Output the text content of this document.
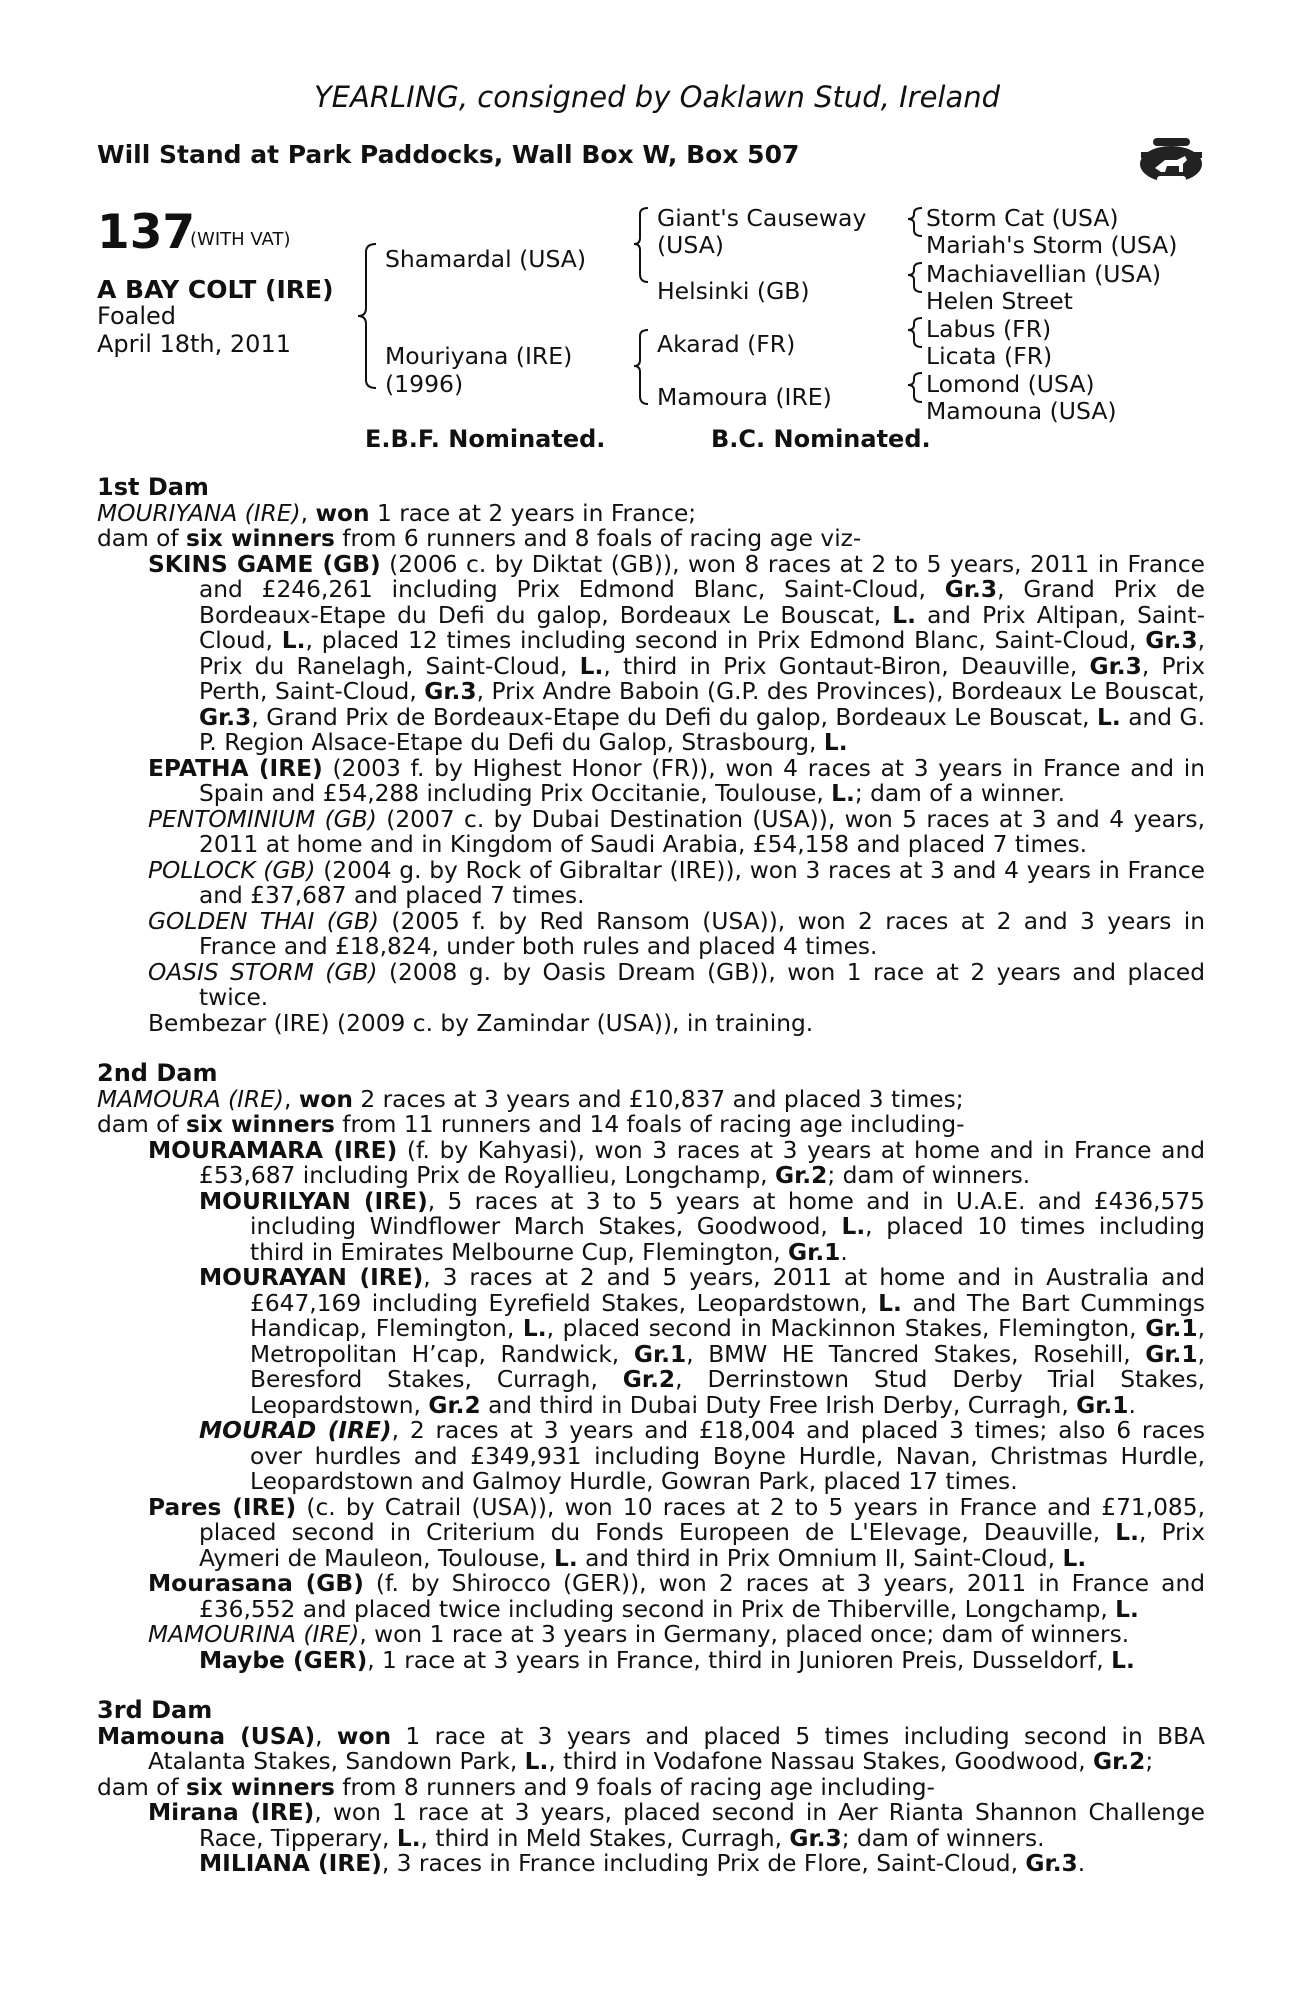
YEARLING, consigned by Oaklawn Stud, Ireland
Will Stand at Park Paddocks, Wall Box W, Box 507
137
(WITH VAT)
A BAY COLT (IRE)
Foaled
April 18th, 2011
Shamardal (USA)
Mouriyana (IRE)
(1996)
Giant's Causeway
(USA)
Helsinki (GB)
Akarad (FR)
Mamoura (IRE)
Storm Cat (USA)
Mariah's Storm (USA)
Machiavellian (USA)
Helen Street
Labus (FR)
Licata (FR)
Lomond (USA)
Mamouna (USA)
E.B.F. Nominated.	B.C. Nominated.
1st Dam
MOURIYANA (IRE), won 1 race at 2 years in France;
dam of six winners from 6 runners and 8 foals of racing age viz-
SKINS GAME (GB) (2006 c. by Diktat (GB)), won 8 races at 2 to 5 years, 2011 in France and £246,261 including Prix Edmond Blanc, Saint-Cloud, Gr.3, Grand Prix de Bordeaux-Etape du Defi du galop, Bordeaux Le Bouscat, L. and Prix Altipan, Saint-Cloud, L., placed 12 times including second in Prix Edmond Blanc, Saint-Cloud, Gr.3, Prix du Ranelagh, Saint-Cloud, L., third in Prix Gontaut-Biron, Deauville, Gr.3, Prix Perth, Saint-Cloud, Gr.3, Prix Andre Baboin (G.P. des Provinces), Bordeaux Le Bouscat, Gr.3, Grand Prix de Bordeaux-Etape du Defi du galop, Bordeaux Le Bouscat, L. and G. P. Region Alsace-Etape du Defi du Galop, Strasbourg, L.
EPATHA (IRE) (2003 f. by Highest Honor (FR)), won 4 races at 3 years in France and in Spain and £54,288 including Prix Occitanie, Toulouse, L.; dam of a winner.
PENTOMINIUM (GB) (2007 c. by Dubai Destination (USA)), won 5 races at 3 and 4 years, 2011 at home and in Kingdom of Saudi Arabia, £54,158 and placed 7 times.
POLLOCK (GB) (2004 g. by Rock of Gibraltar (IRE)), won 3 races at 3 and 4 years in France and £37,687 and placed 7 times.
GOLDEN THAI (GB) (2005 f. by Red Ransom (USA)), won 2 races at 2 and 3 years in France and £18,824, under both rules and placed 4 times.
OASIS STORM (GB) (2008 g. by Oasis Dream (GB)), won 1 race at 2 years and placed twice.
Bembezar (IRE) (2009 c. by Zamindar (USA)), in training.
2nd Dam
MAMOURA (IRE), won 2 races at 3 years and £10,837 and placed 3 times;
dam of six winners from 11 runners and 14 foals of racing age including-
MOURAMARA (IRE) (f. by Kahyasi), won 3 races at 3 years at home and in France and £53,687 including Prix de Royallieu, Longchamp, Gr.2; dam of winners.
MOURILYAN (IRE), 5 races at 3 to 5 years at home and in U.A.E. and £436,575 including Windflower March Stakes, Goodwood, L., placed 10 times including third in Emirates Melbourne Cup, Flemington, Gr.1.
MOURAYAN (IRE), 3 races at 2 and 5 years, 2011 at home and in Australia and £647,169 including Eyrefield Stakes, Leopardstown, L. and The Bart Cummings Handicap, Flemington, L., placed second in Mackinnon Stakes, Flemington, Gr.1, Metropolitan H’cap, Randwick, Gr.1, BMW HE Tancred Stakes, Rosehill, Gr.1, Beresford Stakes, Curragh, Gr.2, Derrinstown Stud Derby Trial Stakes, Leopardstown, Gr.2 and third in Dubai Duty Free Irish Derby, Curragh, Gr.1.
MOURAD (IRE), 2 races at 3 years and £18,004 and placed 3 times; also 6 races over hurdles and £349,931 including Boyne Hurdle, Navan, Christmas Hurdle, Leopardstown and Galmoy Hurdle, Gowran Park, placed 17 times.
Pares (IRE) (c. by Catrail (USA)), won 10 races at 2 to 5 years in France and £71,085, placed second in Criterium du Fonds Europeen de L'Elevage, Deauville, L., Prix Aymeri de Mauleon, Toulouse, L. and third in Prix Omnium II, Saint-Cloud, L.
Mourasana (GB) (f. by Shirocco (GER)), won 2 races at 3 years, 2011 in France and £36,552 and placed twice including second in Prix de Thiberville, Longchamp, L.
MAMOURINA (IRE), won 1 race at 3 years in Germany, placed once; dam of winners.
Maybe (GER), 1 race at 3 years in France, third in Junioren Preis, Dusseldorf, L.
3rd Dam
Mamouna (USA), won 1 race at 3 years and placed 5 times including second in BBA Atalanta Stakes, Sandown Park, L., third in Vodafone Nassau Stakes, Goodwood, Gr.2;
dam of six winners from 8 runners and 9 foals of racing age including-
Mirana (IRE), won 1 race at 3 years, placed second in Aer Rianta Shannon Challenge Race, Tipperary, L., third in Meld Stakes, Curragh, Gr.3; dam of winners.
MILIANA (IRE), 3 races in France including Prix de Flore, Saint-Cloud, Gr.3.
